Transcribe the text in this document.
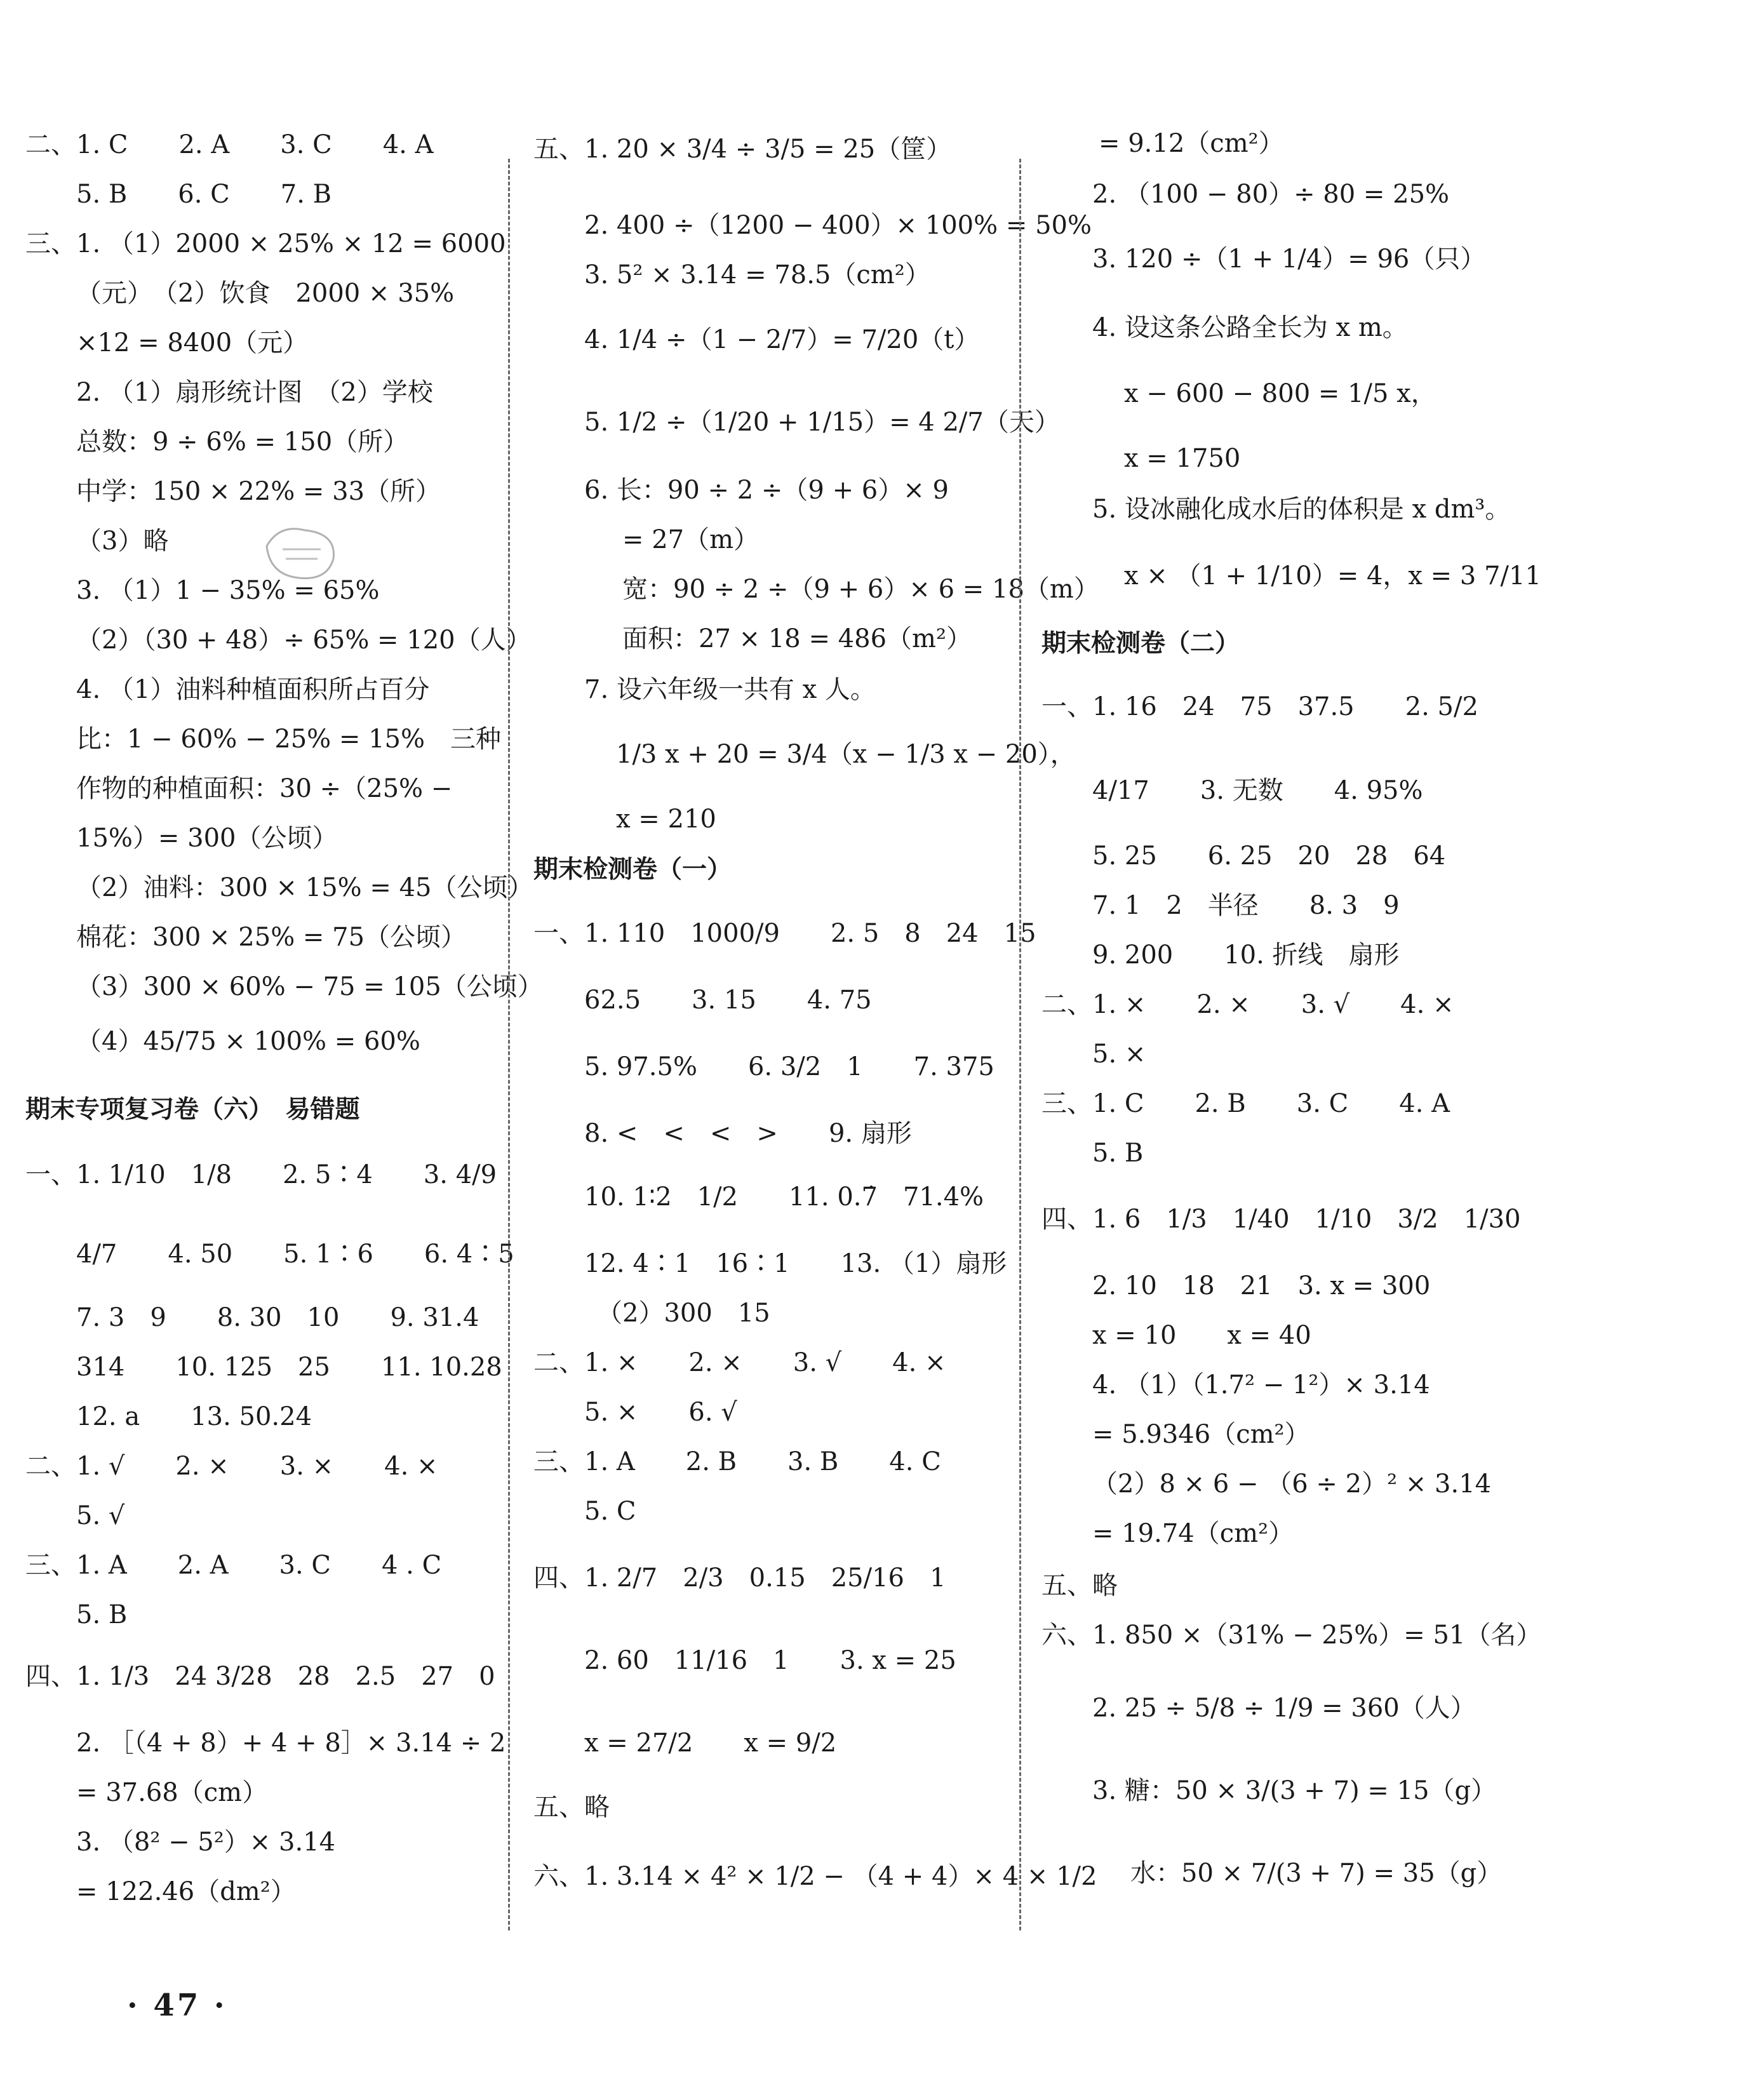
二、1. C　　2. A　　3. C　　4. A
5. B　　6. C　　7. B
三、1. （1）2000 × 25% × 12 = 6000
（元）　（2）饮食　2000 × 35%
×12 = 8400（元）
2. （1）扇形统计图　（2）学校
总数：9 ÷ 6% = 150（所）
中学：150 × 22% = 33（所）
（3）略
3. （1）1 − 35% = 65%
（2）（30 + 48）÷ 65% = 120（人）
4. （1）油料种植面积所占百分
比：1 − 60% − 25% = 15%　三种
作物的种植面积：30 ÷（25% −
15%）= 300（公顷）
（2）油料：300 × 15% = 45（公顷）
棉花：300 × 25% = 75（公顷）
（3）300 × 60% − 75 = 105（公顷）
（4）45/75 × 100% = 60%
期末专项复习卷（六）　易错题
一、1. 1/10　1/8　　2. 5∶4　　3. 4/9
4/7　　4. 50　　5. 1∶6　　6. 4∶5
7. 3　9　　8. 30　10　　9. 31.4
314　　10. 125　25　　11. 10.28
12. a　　13. 50.24
二、1. √　　2. ×　　3. ×　　4. ×
5. √
三、1. A　　2. A　　3. C　　4 . C
5. B
四、1. 1/3　24 3/28　28　2.5　27　0
2. ［（4 + 8）+ 4 + 8］× 3.14 ÷ 2
= 37.68（cm）
3. （8² − 5²）× 3.14
= 122.46（dm²）
五、1. 20 × 3/4 ÷ 3/5 = 25（筐）
2. 400 ÷（1200 − 400）× 100% = 50%
3. 5² × 3.14 = 78.5（cm²）
4. 1/4 ÷（1 − 2/7）= 7/20（t）
5. 1/2 ÷（1/20 + 1/15）= 4 2/7（天）
6. 长：90 ÷ 2 ÷（9 + 6）× 9
= 27（m）
宽：90 ÷ 2 ÷（9 + 6）× 6 = 18（m）
面积：27 × 18 = 486（m²）
7. 设六年级一共有 x 人。
1/3 x + 20 = 3/4（x − 1/3 x − 20），
x = 210
期末检测卷（一）
一、1. 110　1000/9　　2. 5　8　24　15
62.5　　3. 15　　4. 75
5. 97.5%　　6. 3/2　1　　7. 375
8. <　<　<　>　　9. 扇形
10. 1∶2　1/2　　11. 0.7̇　71.4%
12. 4∶1　16∶1　　13. （1）扇形
（2）300　15
二、1. ×　　2. ×　　3. √　　4. ×
5. ×　　6. √
三、1. A　　2. B　　3. B　　4. C
5. C
四、1. 2/7　2/3　0.15　25/16　1
2. 60　11/16　1　　3. x = 25
x = 27/2　　x = 9/2
五、略
六、1. 3.14 × 4² × 1/2 − （4 + 4）× 4 × 1/2
= 9.12（cm²）
2. （100 − 80）÷ 80 = 25%
3. 120 ÷（1 + 1/4）= 96（只）
4. 设这条公路全长为 x m。
x − 600 − 800 = 1/5 x，
x = 1750
5. 设冰融化成水后的体积是 x dm³。
x × （1 + 1/10）= 4，x = 3 7/11
期末检测卷（二）
一、1. 16　24　75　37.5　　2. 5/2
4/17　　3. 无数　　4. 95%
5. 25　　6. 25　20　28　64
7. 1　2　半径　　8. 3　9
9. 200　　10. 折线　扇形
二、1. ×　　2. ×　　3. √　　4. ×
5. ×
三、1. C　　2. B　　3. C　　4. A
5. B
四、1. 6　1/3　1/40　1/10　3/2　1/30
2. 10　18　21　3. x = 300
x = 10　　x = 40
4. （1）（1.7² − 1²）× 3.14
= 5.9346（cm²）
（2）8 × 6 − （6 ÷ 2）² × 3.14
= 19.74（cm²）
五、略
六、1. 850 ×（31% − 25%）= 51（名）
2. 25 ÷ 5/8 ÷ 1/9 = 360（人）
3. 糖：50 × 3/(3 + 7) = 15（g）
水：50 × 7/(3 + 7) = 35（g）
· 47 ·
